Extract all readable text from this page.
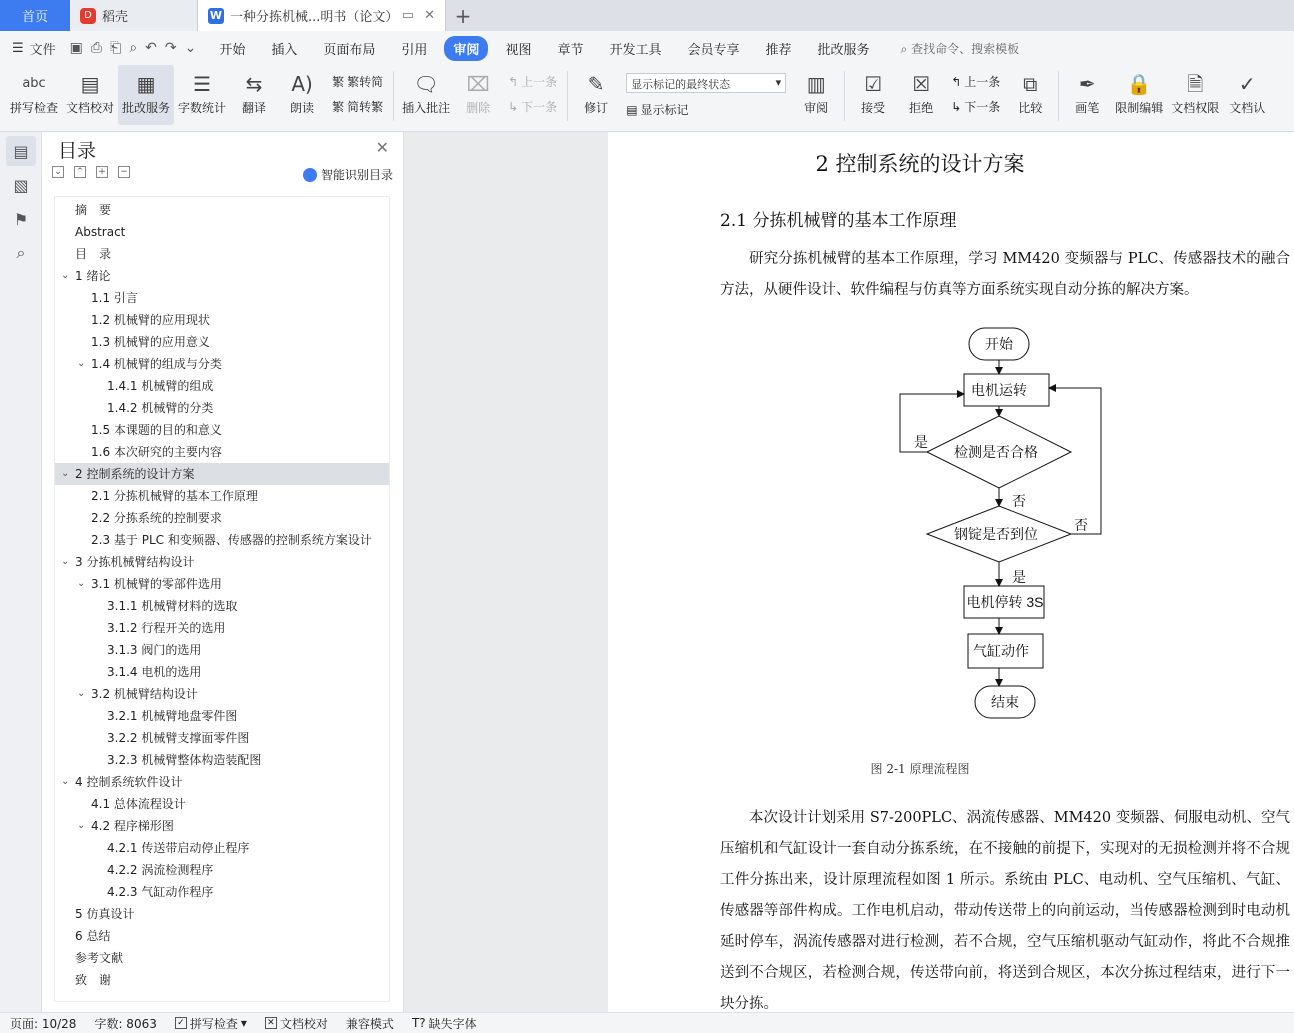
首页	D 稻壳	W 一种分拣机械...明书（论文） ▭ ✕ +
☰ 文件 ▣ ⎙ ⎗ ⌕ ↶ ↷ ⌄	开始	插入	页面布局	引用	审阅	视图	章节	开发工具	会员专享	推荐	批改服务	⌕ 查找命令、搜索模板
abc
拼写检查
▤
文档校对
▦
批改服务
☰
字数统计
⇆
翻译
A)
朗读
繁 繁转简
繁 简转繁
🗨
插入批注
⌧
删除
↰ 上一条
↳ 下一条
✎
修订
显示标记的最终状态	▾
▤ 显示标记
▥
审阅
☑
接受
☒
拒绝
↰ 上一条
↳ 下一条
⧉
比较
✒
画笔
🔒
限制编辑
🗎
文档权限
✓
文档认
▤
▧
⚑
⌕
目录	✕
⌄ ⌃ + −	智能识别目录
摘　要
Abstract
目　录
⌄ 1 绪论
1.1 引言
1.2 机械臂的应用现状
1.3 机械臂的应用意义
⌄ 1.4 机械臂的组成与分类
1.4.1 机械臂的组成
1.4.2 机械臂的分类
1.5 本课题的目的和意义
1.6 本次研究的主要内容
⌄ 2 控制系统的设计方案
2.1 分拣机械臂的基本工作原理
2.2 分拣系统的控制要求
2.3 基于 PLC 和变频器、传感器的控制系统方案设计
⌄ 3 分拣机械臂结构设计
⌄ 3.1 机械臂的零部件选用
3.1.1 机械臂材料的选取
3.1.2 行程开关的选用
3.1.3 阀门的选用
3.1.4 电机的选用
⌄ 3.2 机械臂结构设计
3.2.1 机械臂地盘零件图
3.2.2 机械臂支撑面零件图
3.2.3 机械臂整体构造装配图
⌄ 4 控制系统软件设计
4.1 总体流程设计
⌄ 4.2 程序梯形图
4.2.1 传送带启动停止程序
4.2.2 涡流检测程序
4.2.3 气缸动作程序
5 仿真设计
6 总结
参考文献
致　谢
2 控制系统的设计方案
2.1 分拣机械臂的基本工作原理
研究分拣机械臂的基本工作原理，学习 MM420 变频器与 PLC、传感器技术的融合方法，从硬件设计、软件编程与仿真等方面系统实现自动分拣的解决方案。
开始
电机运转
检测是否合格
钢锭是否到位
电机停转 3S
气缸动作
结束
是
否
否
是
图 2-1 原理流程图
本次设计计划采用 S7-200PLC、涡流传感器、MM420 变频器、伺服电动机、空气压缩机和气缸设计一套自动分拣系统，在不接触的前提下，实现对的无损检测并将不合规工件分拣出来，设计原理流程如图 1 所示。系统由 PLC、电动机、空气压缩机、气缸、传感器等部件构成。工作电机启动，带动传送带上的向前运动，当传感器检测到时电动机延时停车，涡流传感器对进行检测，若不合规，空气压缩机驱动气缸动作，将此不合规推送到不合规区，若检测合规，传送带向前，将送到合规区，本次分拣过程结束，进行下一块分拣。
页面: 10/28 字数: 8063 ✓ 拼写检查 ▾ ✕ 文档校对 兼容模式 T? 缺失字体
